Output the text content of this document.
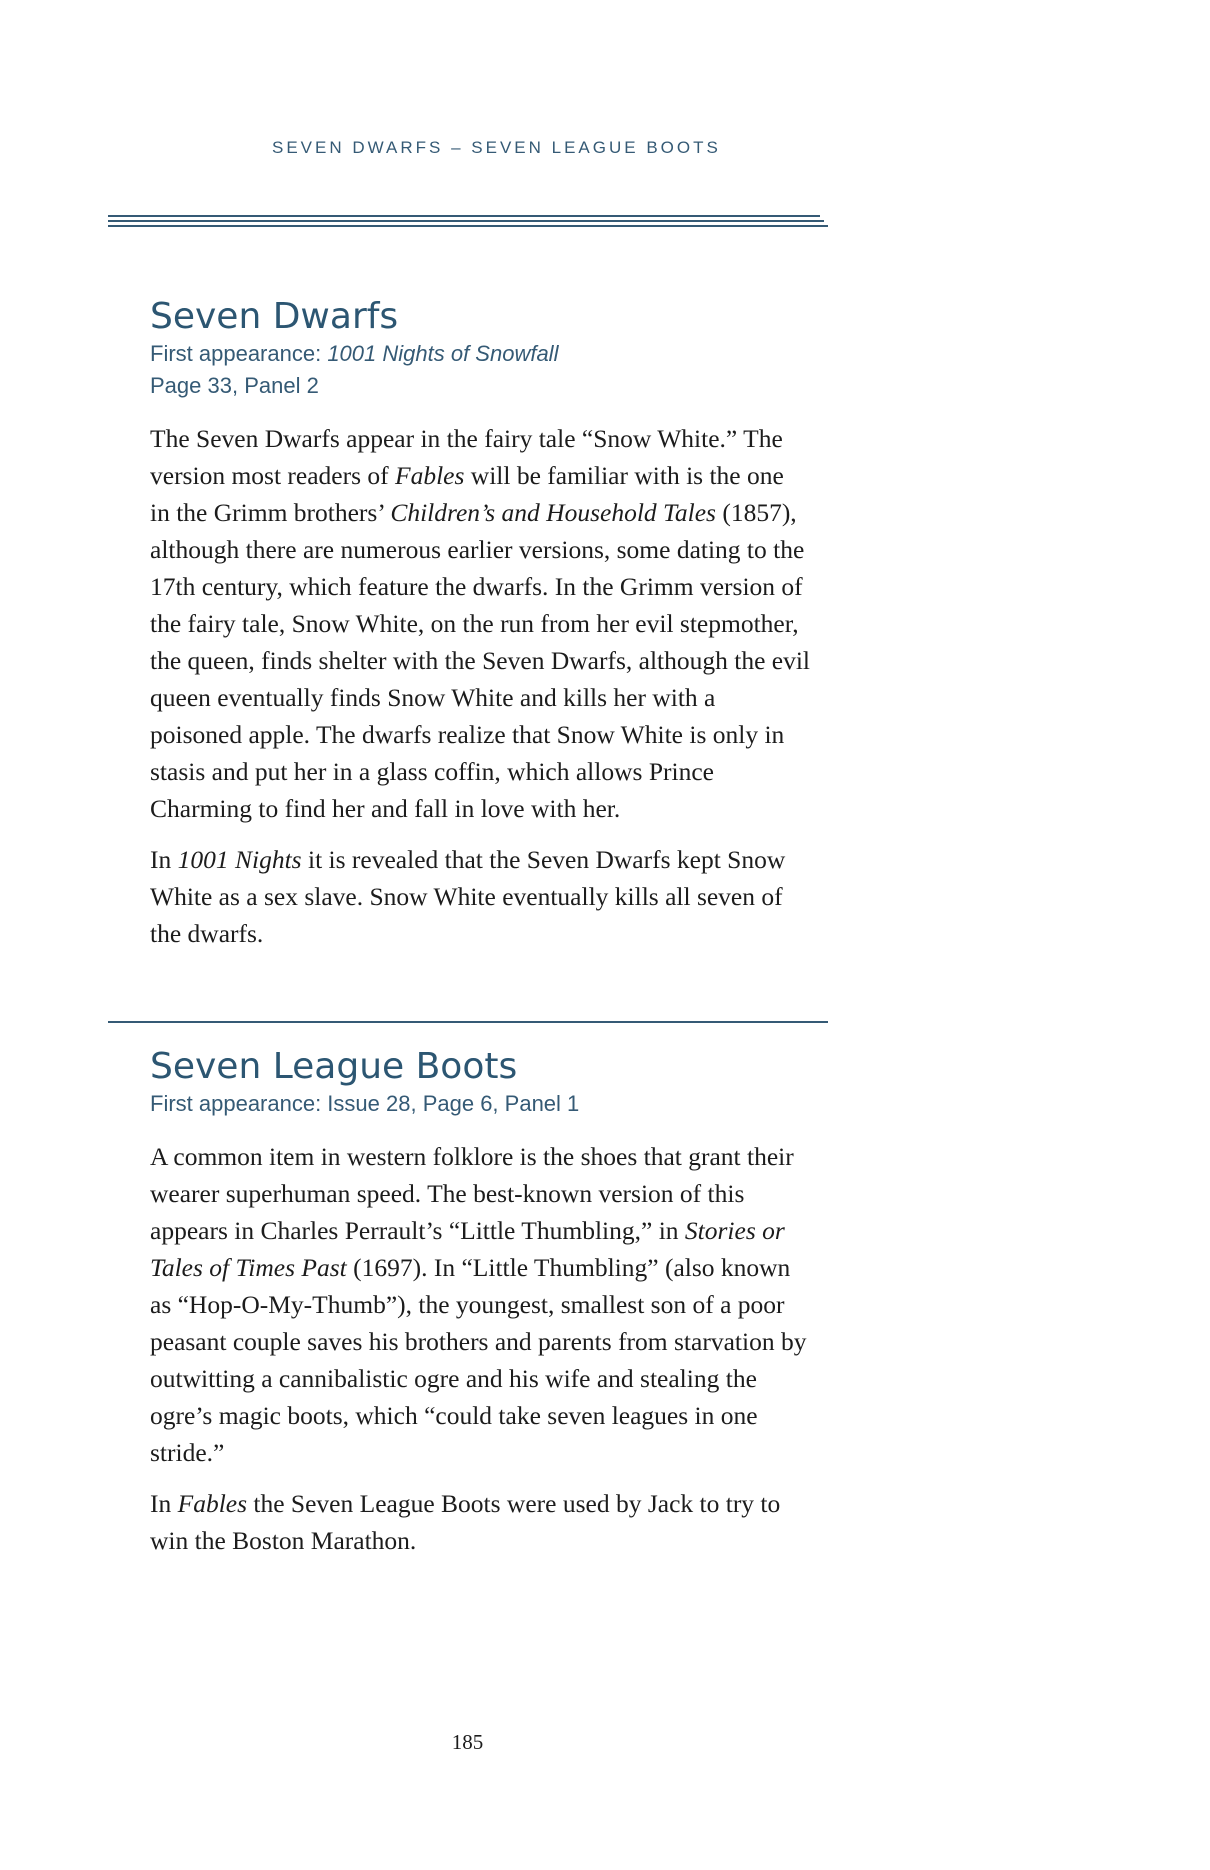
SEVEN DWARFS – SEVEN LEAGUE BOOTS
Seven Dwarfs
First appearance: 1001 Nights of Snowfall
Page 33, Panel 2

The Seven Dwarfs appear in the fairy tale “Snow White.” The version most readers of Fables will be familiar with is the one in the Grimm brothers’ Children’s and Household Tales (1857), although there are numerous earlier versions, some dating to the 17th century, which feature the dwarfs. In the Grimm version of the fairy tale, Snow White, on the run from her evil stepmother, the queen, finds shelter with the Seven Dwarfs, although the evil queen eventually finds Snow White and kills her with a poisoned apple. The dwarfs realize that Snow White is only in stasis and put her in a glass coffin, which allows Prince Charming to find her and fall in love with her.

In 1001 Nights it is revealed that the Seven Dwarfs kept Snow White as a sex slave. Snow White eventually kills all seven of the dwarfs.

Seven League Boots
First appearance: Issue 28, Page 6, Panel 1

A common item in western folklore is the shoes that grant their wearer superhuman speed. The best-known version of this appears in Charles Perrault’s “Little Thumbling,” in Stories or Tales of Times Past (1697). In “Little Thumbling” (also known as “Hop-O-My-Thumb”), the youngest, smallest son of a poor peasant couple saves his brothers and parents from starvation by outwitting a cannibalistic ogre and his wife and stealing the ogre’s magic boots, which “could take seven leagues in one stride.”

In Fables the Seven League Boots were used by Jack to try to win the Boston Marathon.

185
